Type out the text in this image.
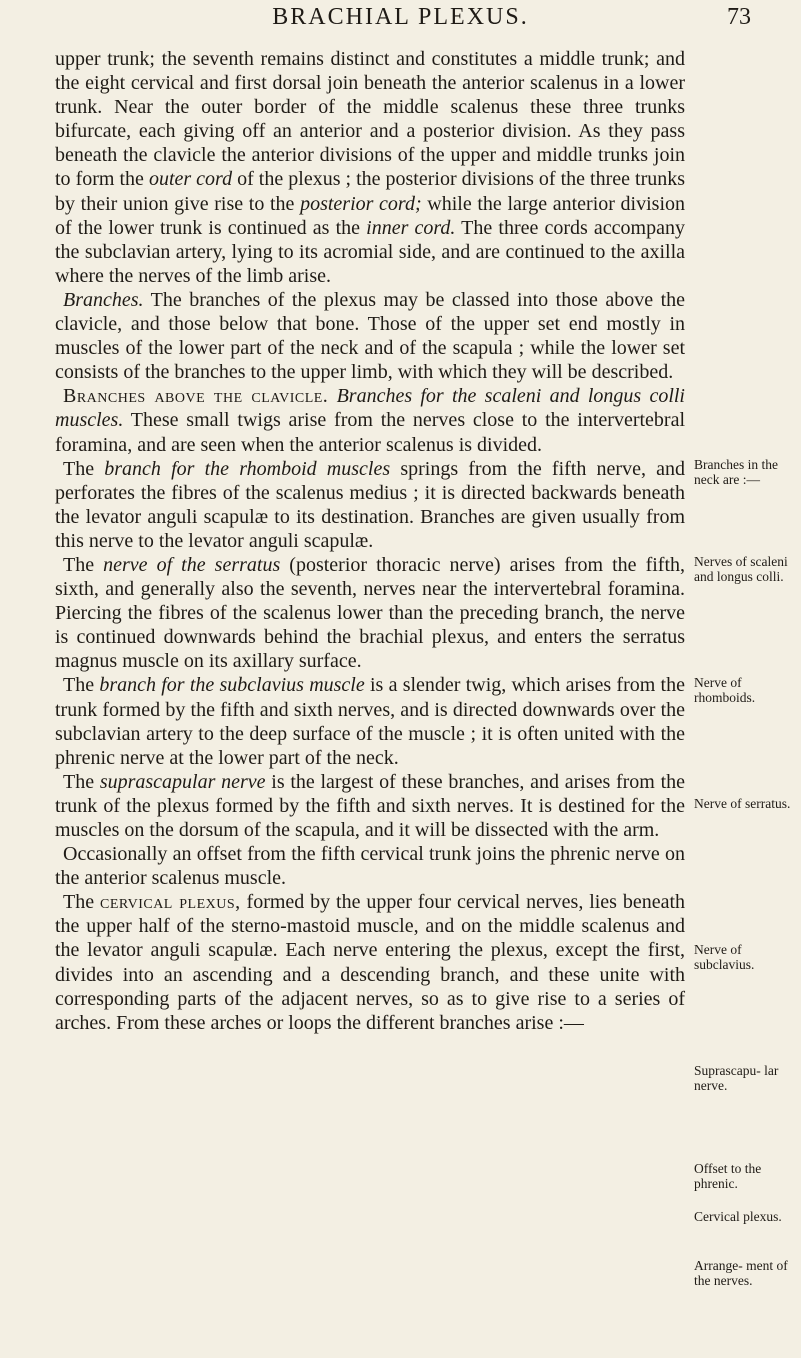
BRACHIAL PLEXUS.	73

upper trunk; the seventh remains distinct and constitutes a middle trunk; and the eight cervical and first dorsal join beneath the anterior scalenus in a lower trunk. Near the outer border of the middle scalenus these three trunks bifurcate, each giving off an anterior and a posterior division. As they pass beneath the clavicle the anterior divisions of the upper and middle trunks join to form the outer cord of the plexus ; the posterior divisions of the three trunks by their union give rise to the posterior cord; while the large anterior division of the lower trunk is continued as the inner cord. The three cords accompany the subclavian artery, lying to its acromial side, and are continued to the axilla where the nerves of the limb arise.

Branches. The branches of the plexus may be classed into those above the clavicle, and those below that bone. Those of the upper set end mostly in muscles of the lower part of the neck and of the scapula ; while the lower set consists of the branches to the upper limb, with which they will be described.

Branches above the clavicle. Branches for the scaleni and longus colli muscles. These small twigs arise from the nerves close to the intervertebral foramina, and are seen when the anterior scalenus is divided.

The branch for the rhomboid muscles springs from the fifth nerve, and perforates the fibres of the scalenus medius ; it is directed backwards beneath the levator anguli scapulæ to its destination. Branches are given usually from this nerve to the levator anguli scapulæ.

The nerve of the serratus (posterior thoracic nerve) arises from the fifth, sixth, and generally also the seventh, nerves near the intervertebral foramina. Piercing the fibres of the scalenus lower than the preceding branch, the nerve is continued downwards behind the brachial plexus, and enters the serratus magnus muscle on its axillary surface.

The branch for the subclavius muscle is a slender twig, which arises from the trunk formed by the fifth and sixth nerves, and is directed downwards over the subclavian artery to the deep surface of the muscle ; it is often united with the phrenic nerve at the lower part of the neck.

The suprascapular nerve is the largest of these branches, and arises from the trunk of the plexus formed by the fifth and sixth nerves. It is destined for the muscles on the dorsum of the scapula, and it will be dissected with the arm.

Occasionally an offset from the fifth cervical trunk joins the phrenic nerve on the anterior scalenus muscle.

The cervical plexus, formed by the upper four cervical nerves, lies beneath the upper half of the sterno-mastoid muscle, and on the middle scalenus and the levator anguli scapulæ. Each nerve entering the plexus, except the first, divides into an ascending and a descending branch, and these unite with corresponding parts of the adjacent nerves, so as to give rise to a series of arches. From these arches or loops the different branches arise :—

Branches in the neck are :—
Nerves of scaleni and longus colli.
Nerve of rhomboids.
Nerve of serratus.
Nerve of subclavius.
Suprascapu- lar nerve.
Offset to the phrenic.
Cervical plexus.
Arrange- ment of the nerves.
